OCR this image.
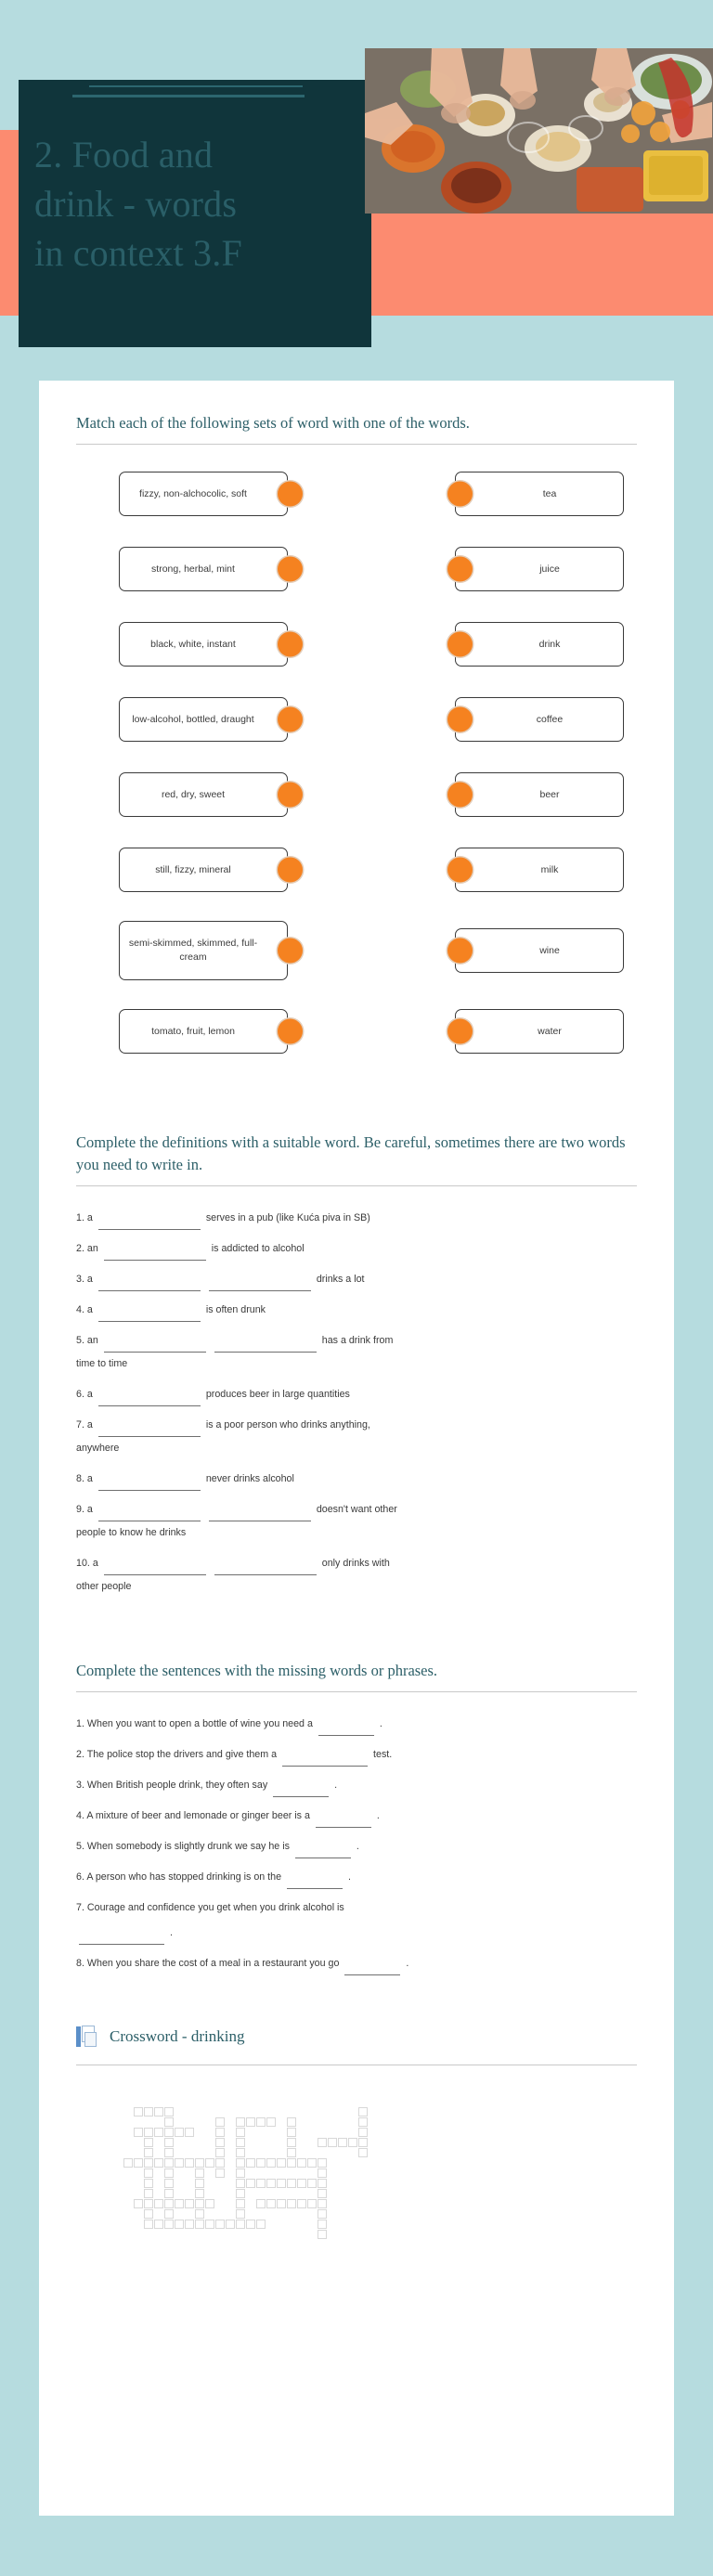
2. Food and
drink - words
in context 3.F
Match each of the following sets of word with one of the words.
fizzy, non-alchocolic, soft
strong, herbal, mint
black, white, instant
low-alcohol, bottled, draught
red, dry, sweet
still, fizzy, mineral
semi-skimmed, skimmed, full-cream
tomato, fruit, lemon
tea
juice
drink
coffee
beer
milk
wine
water
Complete the definitions with a suitable word. Be careful, sometimes there are two words you need to write in.
1. a	serves in a pub (like Kuća piva in SB)
2. an	is addicted to alcohol
3. a	drinks a lot
4. a	is often drunk
5. an	has a drink from
time to time
6. a	produces beer in large quantities
7. a	is a poor person who drinks anything,
anywhere
8. a	never drinks alcohol
9. a	doesn't want other
people to know he drinks
10. a	only drinks with
other people
Complete the sentences with the missing words or phrases.
1. When you want to open a bottle of wine you need a	.
2. The police stop the drivers and give them a	test.
3. When British people drink, they often say	.
4. A mixture of beer and lemonade or ginger beer is a	.
5. When somebody is slightly drunk we say he is	.
6. A person who has stopped drinking is on the	.
7. Courage and confidence you get when you drink alcohol is
.
8. When you share the cost of a meal in a restaurant you go	.
Crossword - drinking
